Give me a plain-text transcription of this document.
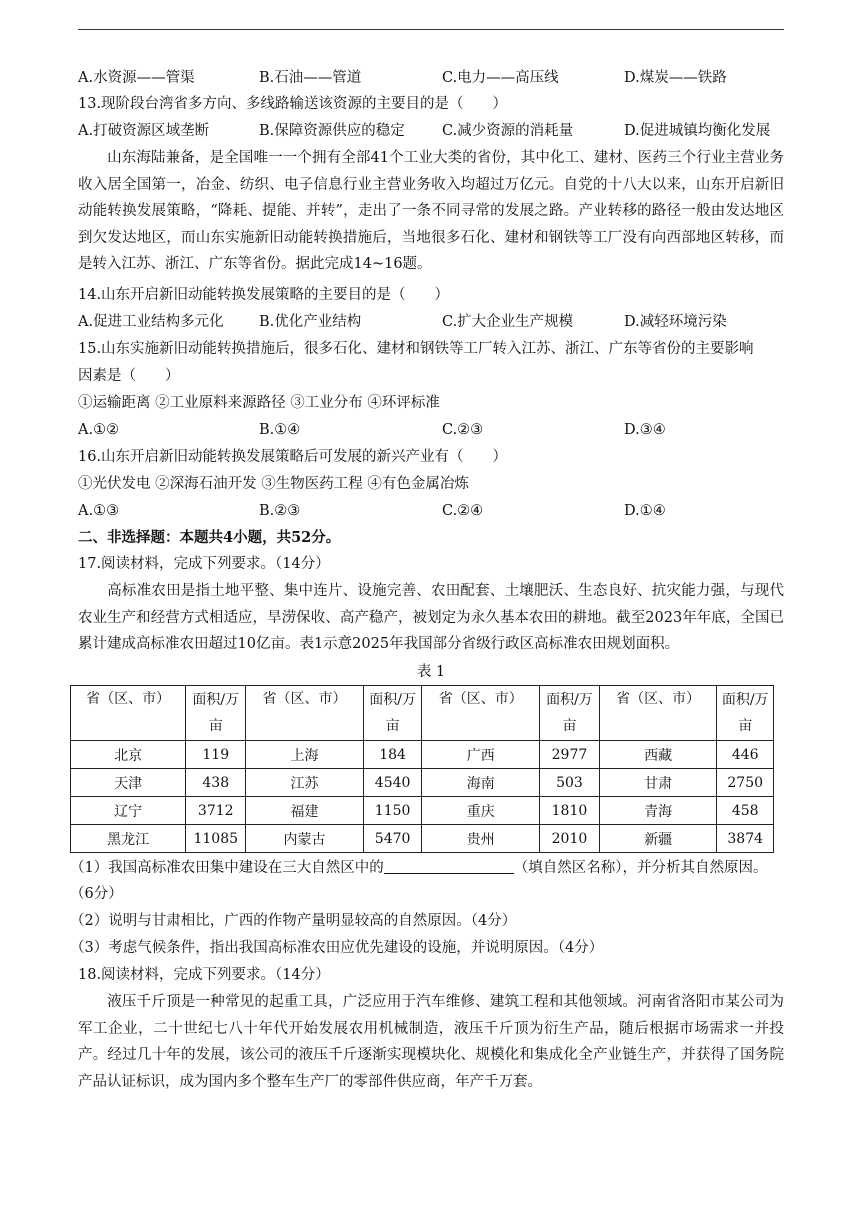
A.水资源——管渠	B.石油——管道	C.电力——高压线	D.煤炭——铁路
13.现阶段台湾省多方向、多线路输送该资源的主要目的是（　　）
A.打破资源区域垄断	B.保障资源供应的稳定	C.减少资源的消耗量	D.促进城镇均衡化发展
山东海陆兼备，是全国唯一一个拥有全部41个工业大类的省份，其中化工、建材、医药三个行业主营业务收入居全国第一，冶金、纺织、电子信息行业主营业务收入均超过万亿元。自党的十八大以来，山东开启新旧动能转换发展策略，“降耗、提能、并转”，走出了一条不同寻常的发展之路。产业转移的路径一般由发达地区到欠发达地区，而山东实施新旧动能转换措施后，当地很多石化、建材和钢铁等工厂没有向西部地区转移，而是转入江苏、浙江、广东等省份。据此完成14~16题。
14.山东开启新旧动能转换发展策略的主要目的是（　　）
A.促进工业结构多元化 B.优化产业结构	C.扩大企业生产规模	D.减轻环境污染
15.山东实施新旧动能转换措施后，很多石化、建材和钢铁等工厂转入江苏、浙江、广东等省份的主要影响
因素是（　　）
①运输距离 ②工业原料来源路径 ③工业分布 ④环评标准
A.①②	B.①④	C.②③	D.③④
16.山东开启新旧动能转换发展策略后可发展的新兴产业有（　　）
①光伏发电 ②深海石油开发 ③生物医药工程 ④有色金属冶炼
A.①③	B.②③	C.②④	D.①④
二、非选择题：本题共4小题，共52分。
17.阅读材料，完成下列要求。（14分）
高标准农田是指土地平整、集中连片、设施完善、农田配套、土壤肥沃、生态良好、抗灾能力强，与现代农业生产和经营方式相适应，旱涝保收、高产稳产，被划定为永久基本农田的耕地。截至2023年年底，全国已累计建成高标准农田超过10亿亩。表1示意2025年我国部分省级行政区高标准农田规划面积。
表 1
省（区、市）	面积/万亩	省（区、市）	面积/万亩	省（区、市）	面积/万亩	省（区、市）	面积/万亩
北京	119	上海	184	广西	2977	西藏	446
天津	438	江苏	4540	海南	503	甘肃	2750
辽宁	3712	福建	1150	重庆	1810	青海	458
黑龙江	11085	内蒙古	5470	贵州	2010	新疆	3874
（1）我国高标准农田集中建设在三大自然区中的	（填自然区名称），并分析其自然原因。
（6分）
（2）说明与甘肃相比，广西的作物产量明显较高的自然原因。（4分）
（3）考虑气候条件，指出我国高标准农田应优先建设的设施，并说明原因。（4分）
18.阅读材料，完成下列要求。（14分）
液压千斤顶是一种常见的起重工具，广泛应用于汽车维修、建筑工程和其他领域。河南省洛阳市某公司为军工企业，二十世纪七八十年代开始发展农用机械制造，液压千斤顶为衍生产品，随后根据市场需求一并投产。经过几十年的发展，该公司的液压千斤逐渐实现模块化、规模化和集成化全产业链生产，并获得了国务院产品认证标识，成为国内多个整车生产厂的零部件供应商，年产千万套。
